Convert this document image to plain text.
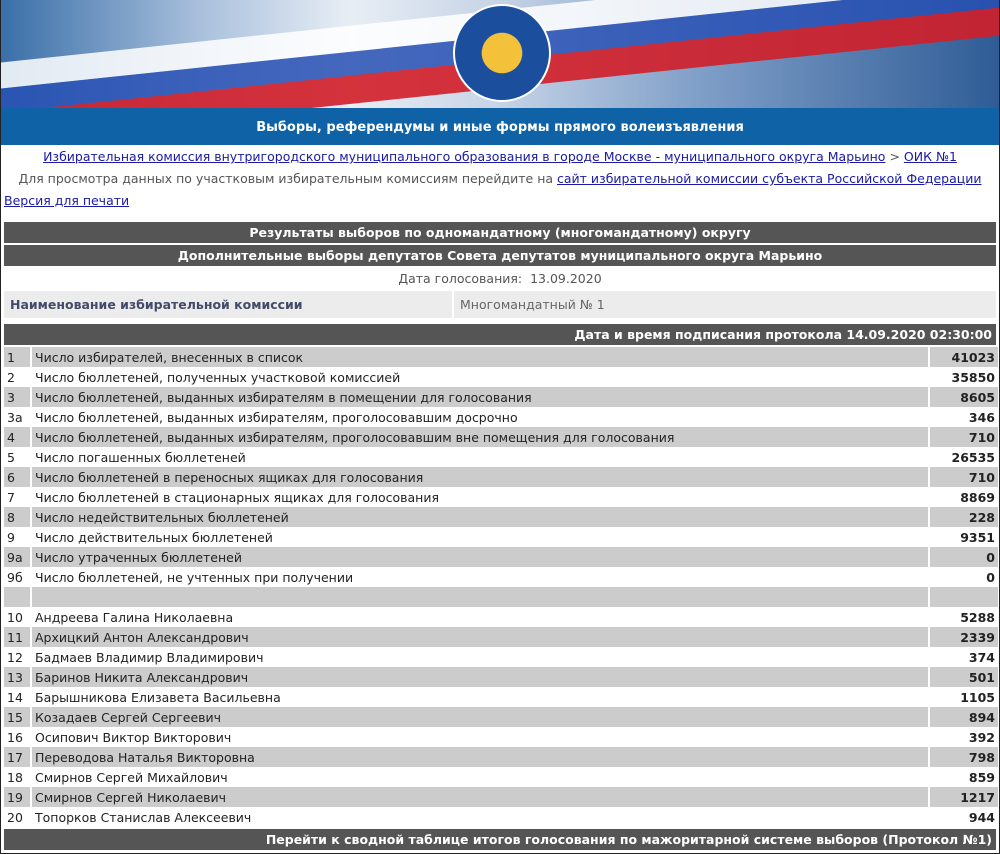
Выборы, референдумы и иные формы прямого волеизъявления
Избирательная комиссия внутригородского муниципального образования в городе Москве - муниципального округа Марьино > ОИК №1
Для просмотра данных по участковым избирательным комиссиям перейдите на сайт избирательной комиссии субъекта Российской Федерации
Версия для печати
Результаты выборов по одномандатному (многомандатному) округу
Дополнительные выборы депутатов Совета депутатов муниципального округа Марьино
Дата голосования: 13.09.2020
Наименование избирательной комиссии	Многомандатный № 1
Дата и время подписания протокола 14.09.2020 02:30:00
1	Число избирателей, внесенных в список	41023
2	Число бюллетеней, полученных участковой комиссией	35850
3	Число бюллетеней, выданных избирателям в помещении для голосования	8605
3а	Число бюллетеней, выданных избирателям, проголосовавшим досрочно	346
4	Число бюллетеней, выданных избирателям, проголосовавшим вне помещения для голосования	710
5	Число погашенных бюллетеней	26535
6	Число бюллетеней в переносных ящиках для голосования	710
7	Число бюллетеней в стационарных ящиках для голосования	8869
8	Число недействительных бюллетеней	228
9	Число действительных бюллетеней	9351
9а	Число утраченных бюллетеней	0
9б	Число бюллетеней, не учтенных при получении	0

10	Андреева Галина Николаевна	5288
11	Архицкий Антон Александрович	2339
12	Бадмаев Владимир Владимирович	374
13	Баринов Никита Александрович	501
14	Барышникова Елизавета Васильевна	1105
15	Козадаев Сергей Сергеевич	894
16	Осипович Виктор Викторович	392
17	Переводова Наталья Викторовна	798
18	Смирнов Сергей Михайлович	859
19	Смирнов Сергей Николаевич	1217
20	Топорков Станислав Алексеевич	944
Перейти к сводной таблице итогов голосования по мажоритарной системе выборов (Протокол №1)
